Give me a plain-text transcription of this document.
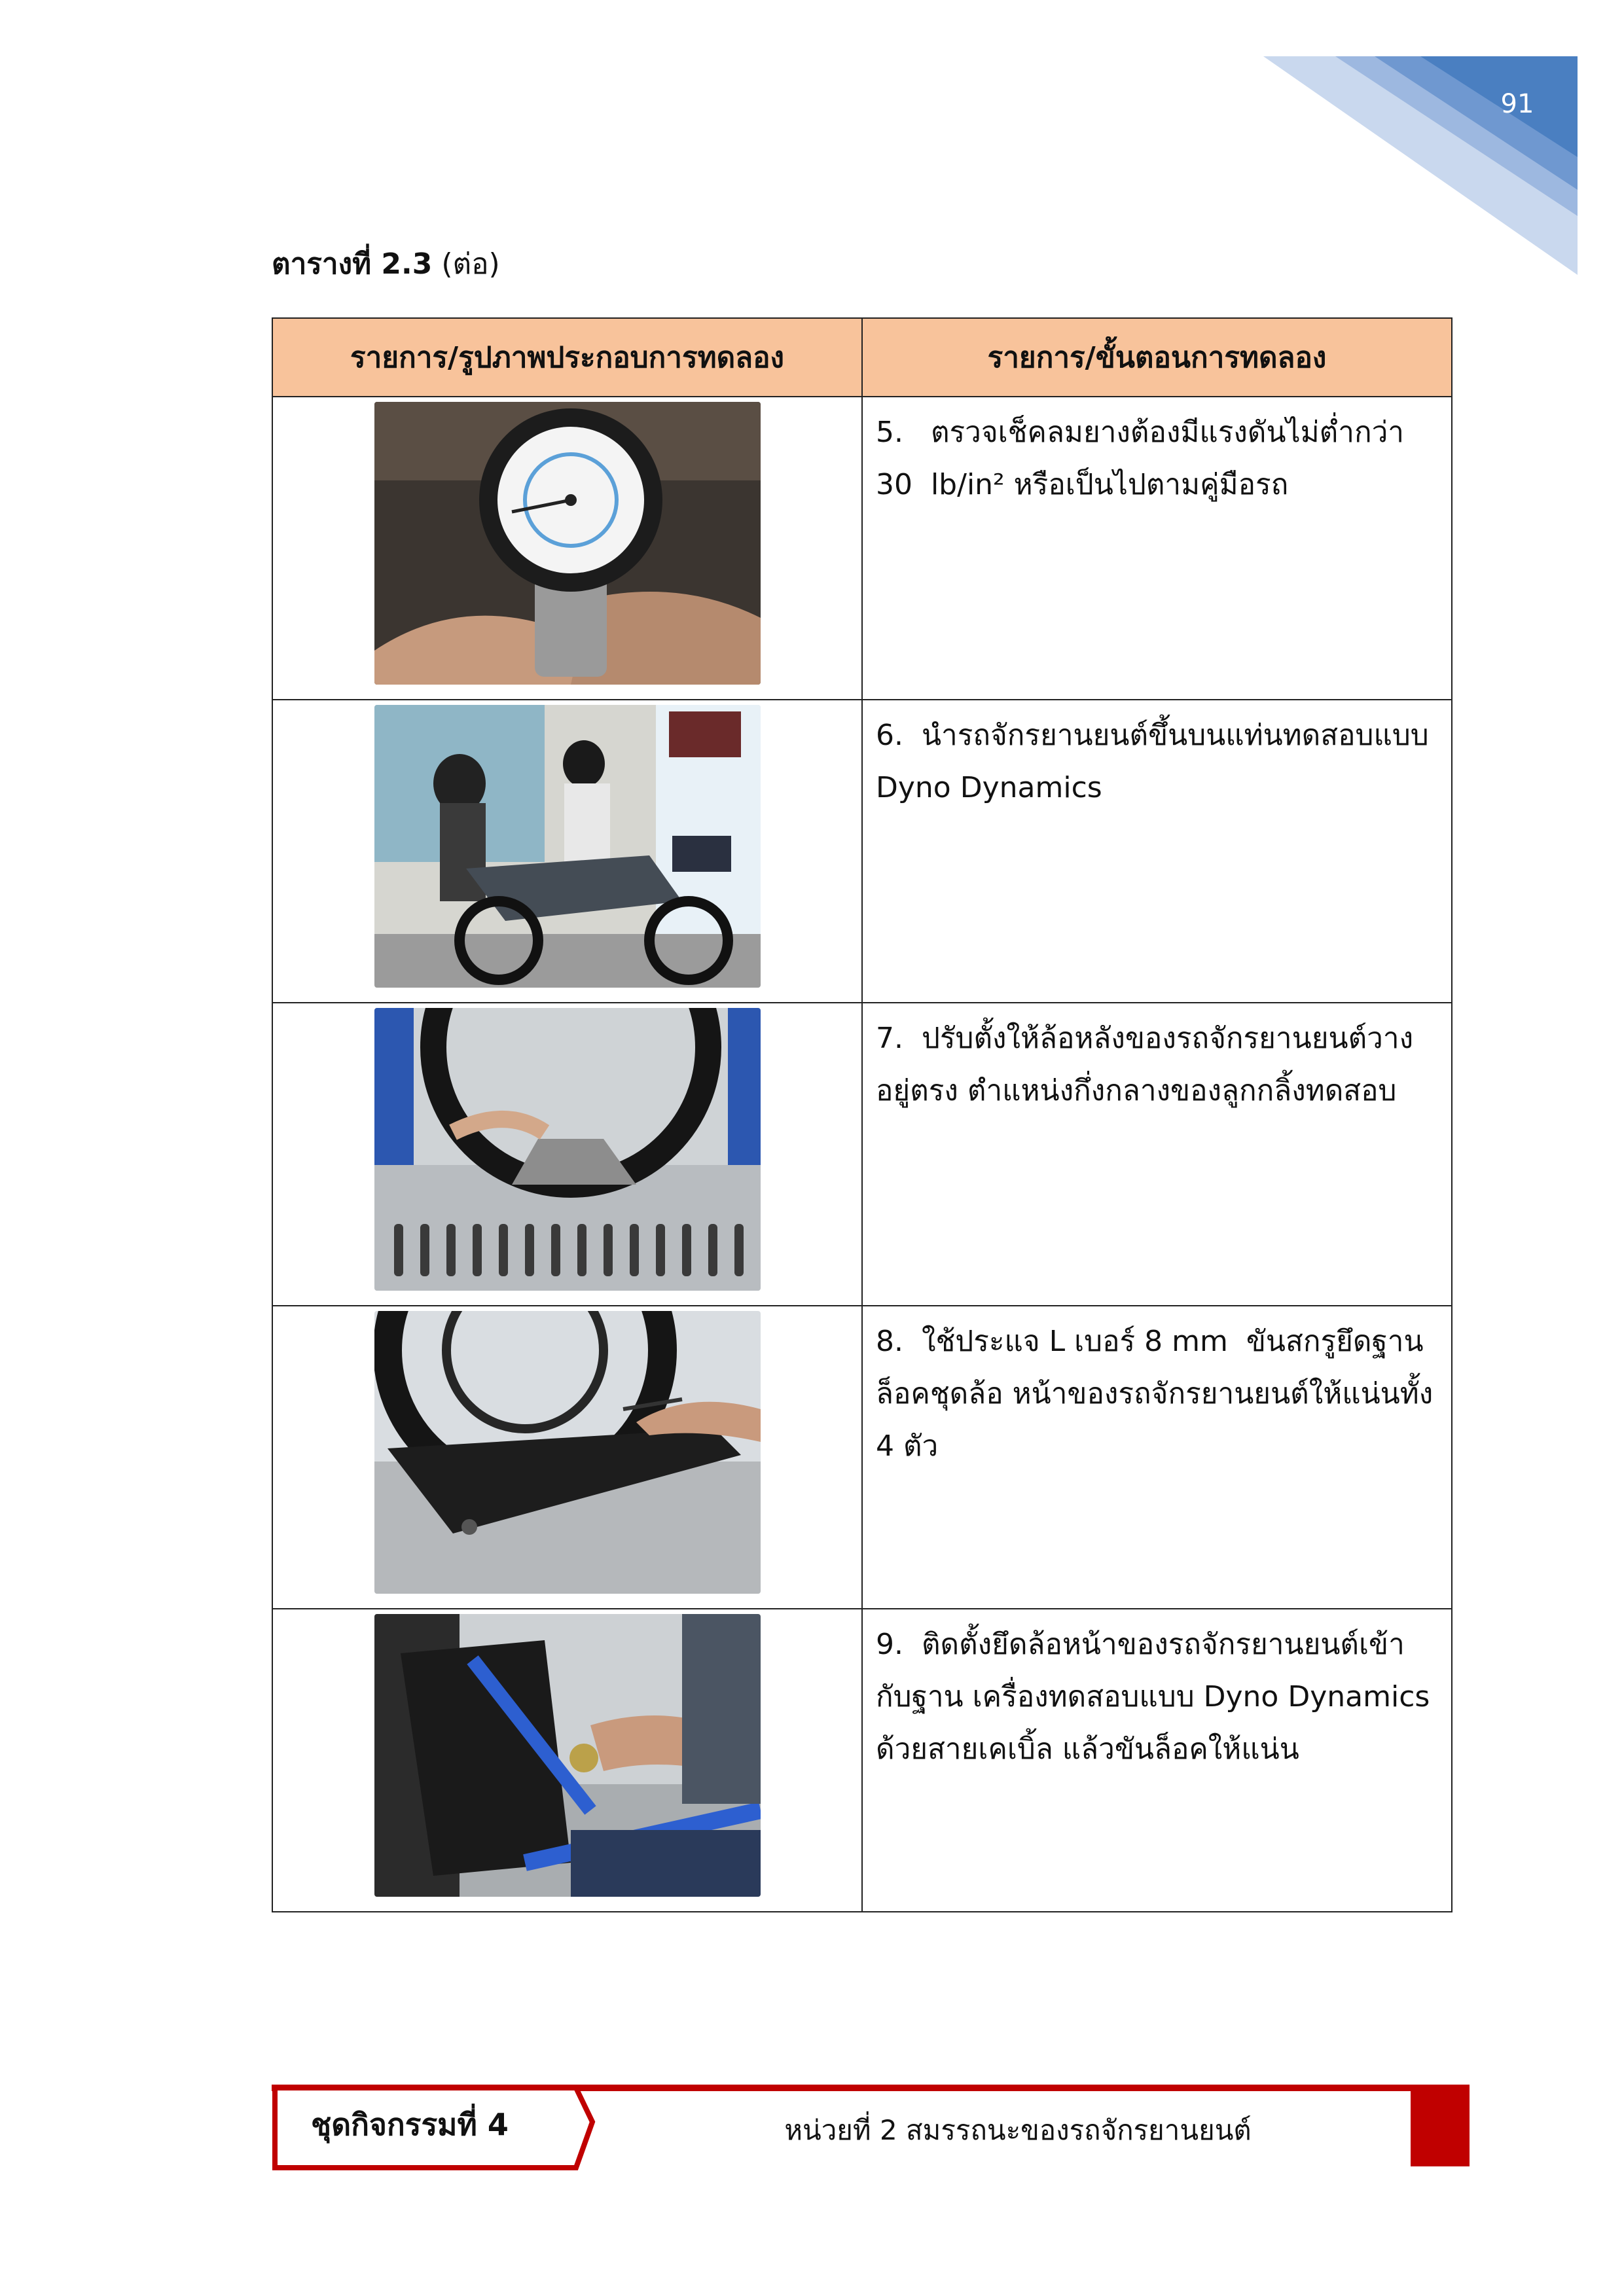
91
ตารางที่ 2.3 (ต่อ)
รายการ/รูปภาพประกอบการทดลอง	รายการ/ขั้นตอนการทดลอง

5.   ตรวจเช็คลมยางต้องมีแรงดันไม่ต่ำกว่า  30  lb/in² หรือเป็นไปตามคู่มือรถ

6.  นำรถจักรยานยนต์ขึ้นบนแท่นทดสอบแบบ Dyno Dynamics

7.  ปรับตั้งให้ล้อหลังของรถจักรยานยนต์วางอยู่ตรง ตำแหน่งกึ่งกลางของลูกกลิ้งทดสอบ

8.  ใช้ประแจ L เบอร์ 8 mm  ขันสกรูยึดฐานล็อคชุดล้อ หน้าของรถจักรยานยนต์ให้แน่นทั้ง 4 ตัว

9.  ติดตั้งยึดล้อหน้าของรถจักรยานยนต์เข้ากับฐาน เครื่องทดสอบแบบ Dyno Dynamics ด้วยสายเคเบิ้ล แล้วขันล็อคให้แน่น
ชุดกิจกรรมที่ 4	หน่วยที่ 2 สมรรถนะของรถจักรยานยนต์
